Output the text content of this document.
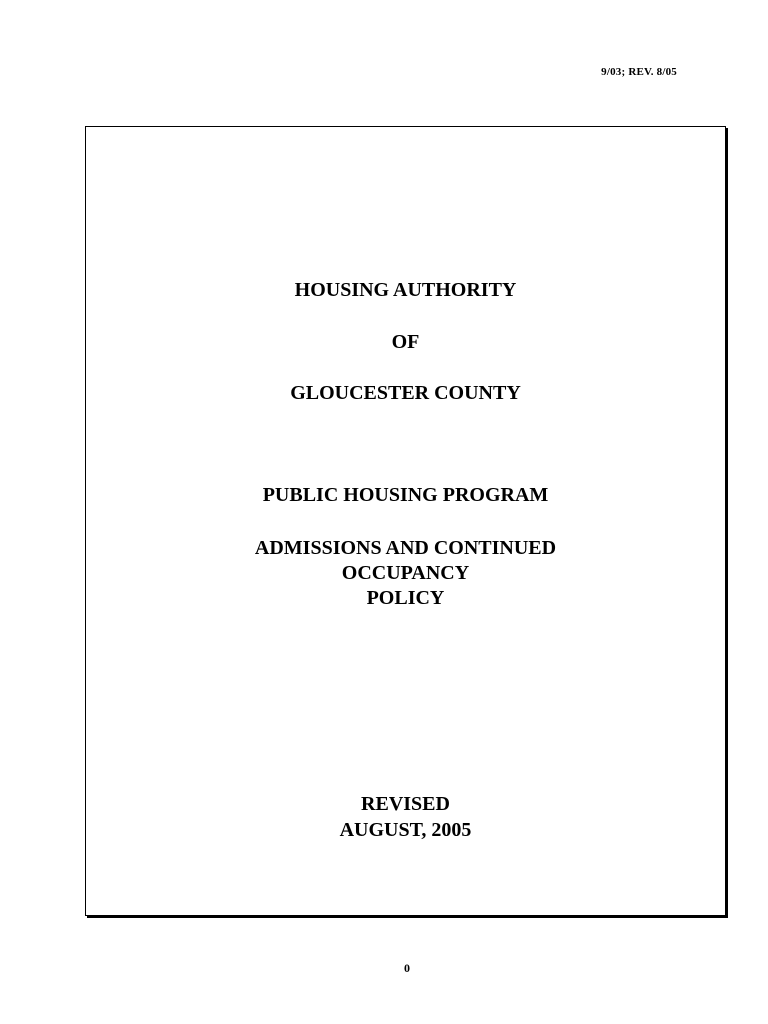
9/03; REV. 8/05
HOUSING AUTHORITY
OF
GLOUCESTER COUNTY
PUBLIC HOUSING PROGRAM
ADMISSIONS AND CONTINUED
OCCUPANCY
POLICY
REVISED
AUGUST, 2005
0
